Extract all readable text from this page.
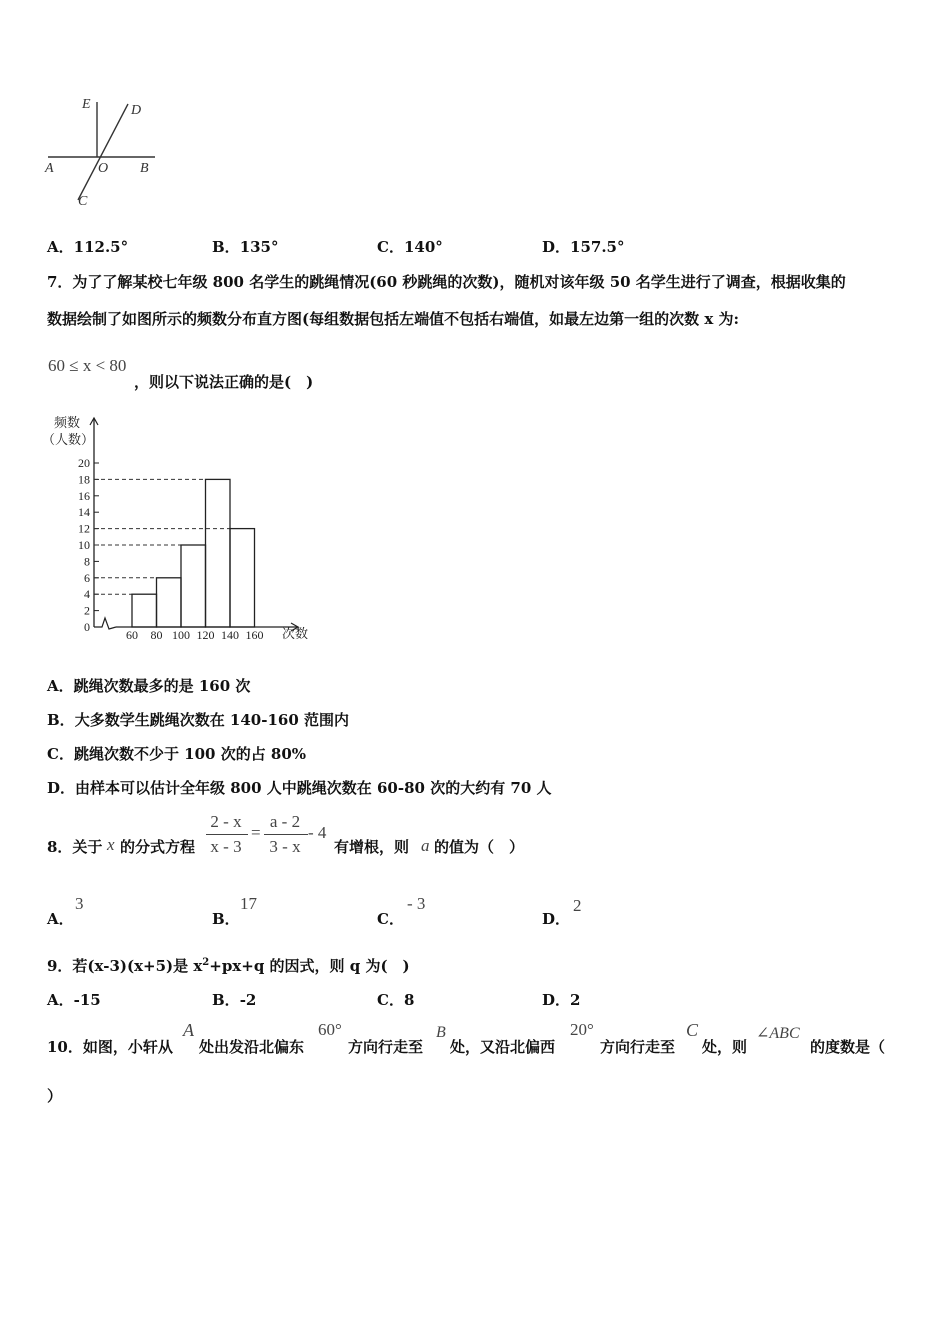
E	D
A	O B
C
A．112.5°	B．135°	C．140°	D．157.5°
7．为了了解某校七年级 800 名学生的跳绳情况(60 秒跳绳的次数)，随机对该年级 50 名学生进行了调查，根据收集的
数据绘制了如图所示的频数分布直方图(每组数据包括左端值不包括右端值，如最左边第一组的次数 x 为:
60 ≤ x < 80
，则以下说法正确的是(　)
频数
（人数）
次数
0
2
4
6
8
10
12
14
16
18
20
60 80 100 120 140 160
A．跳绳次数最多的是 160 次
B．大多数学生跳绳次数在 140-160 范围内
C．跳绳次数不少于 100 次的占 80%
D．由样本可以估计全年级 800 人中跳绳次数在 60-80 次的大约有 70 人
8．关于 x 的分式方程
2 - x
x - 3
=
a - 2
3 - x
- 4
有增根，则 a 的值为（　）
A．
3
B．
17
C．
- 3
D．
2
9．若(x-3)(x+5)是 $x^2+px+q$ 的因式，则 q 为(　)
A．-15	B．-2	C．8	D．2
10．如图，小轩从
A
处出发沿北偏东
60°
方向行走至
B
处，又沿北偏西
20°
方向行走至
C
处，则
∠ABC
的度数是（
）
